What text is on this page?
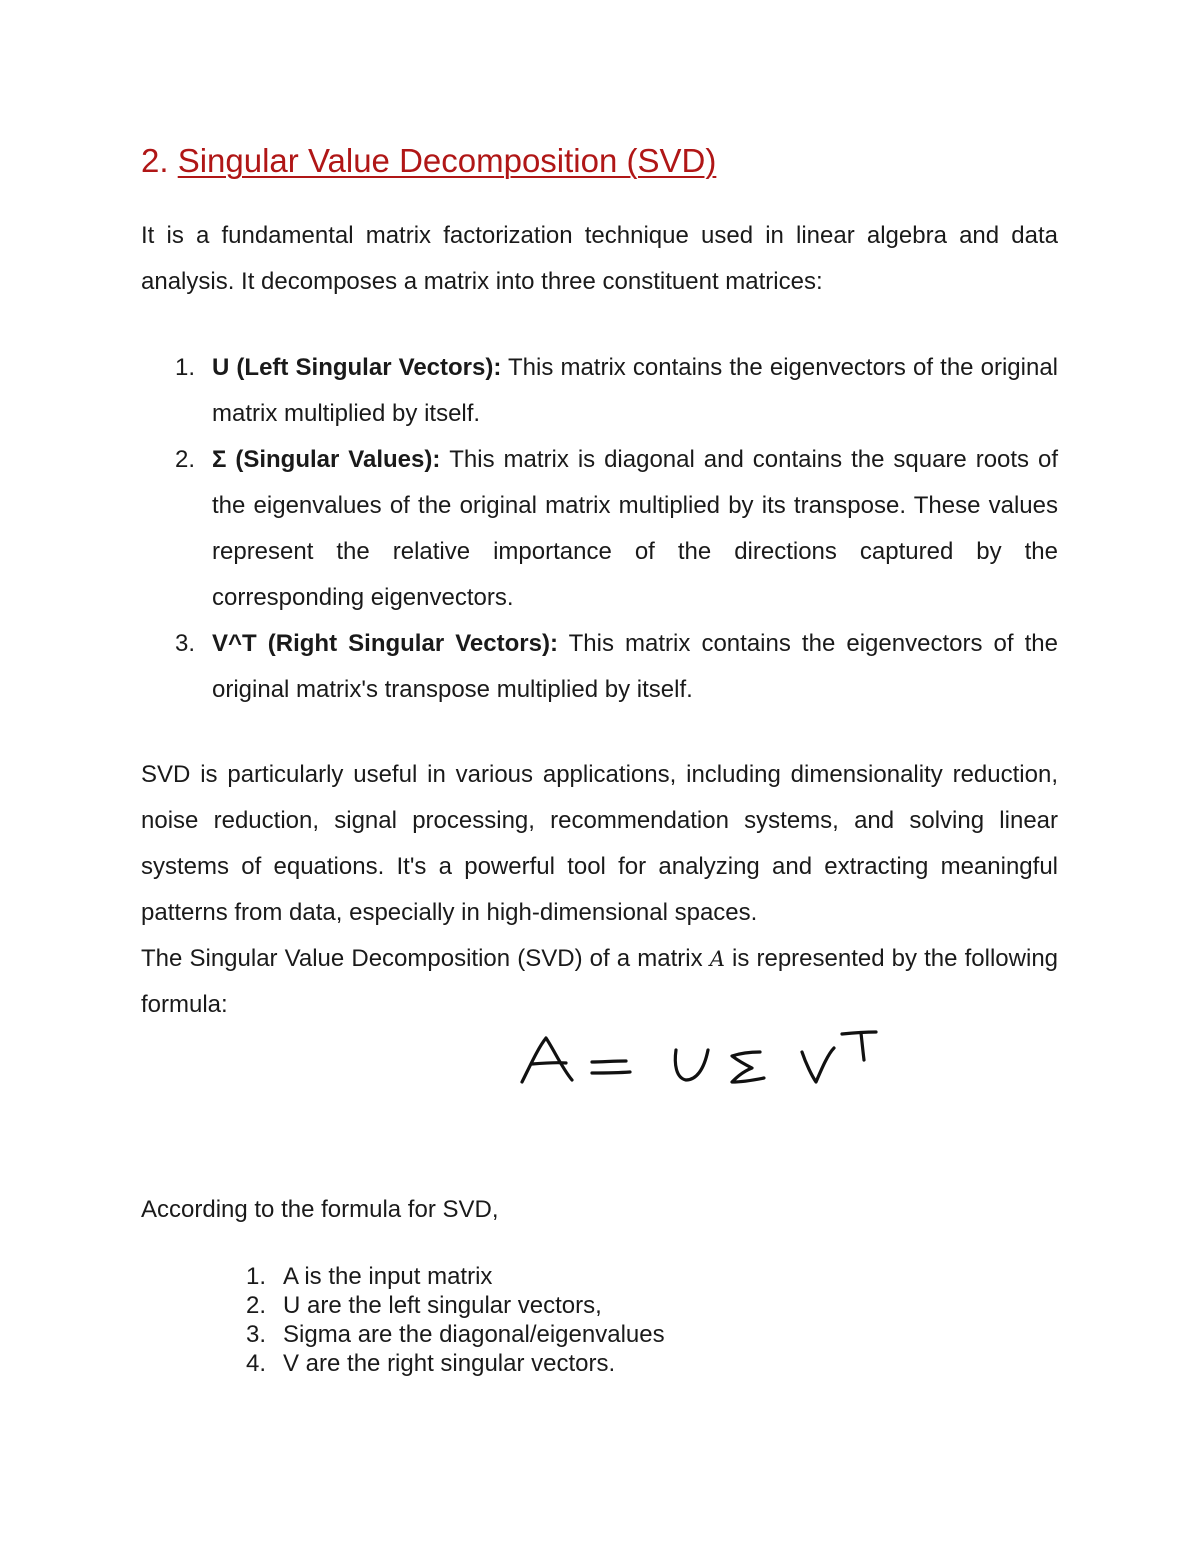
2. Singular Value Decomposition (SVD)
It is a fundamental matrix factorization technique used in linear algebra and data analysis. It decomposes a matrix into three constituent matrices:
1. U (Left Singular Vectors): This matrix contains the eigenvectors of the original matrix multiplied by itself.
2. Σ (Singular Values): This matrix is diagonal and contains the square roots of the eigenvalues of the original matrix multiplied by its transpose. These values represent the relative importance of the directions captured by the corresponding eigenvectors.
3. V^T (Right Singular Vectors): This matrix contains the eigenvectors of the original matrix's transpose multiplied by itself.
SVD is particularly useful in various applications, including dimensionality reduction, noise reduction, signal processing, recommendation systems, and solving linear systems of equations. It's a powerful tool for analyzing and extracting meaningful patterns from data, especially in high-dimensional spaces.
The Singular Value Decomposition (SVD) of a matrix A is represented by the following formula:
According to the formula for SVD,
1. A is the input matrix
2. U are the left singular vectors,
3. Sigma are the diagonal/eigenvalues
4. V are the right singular vectors.
